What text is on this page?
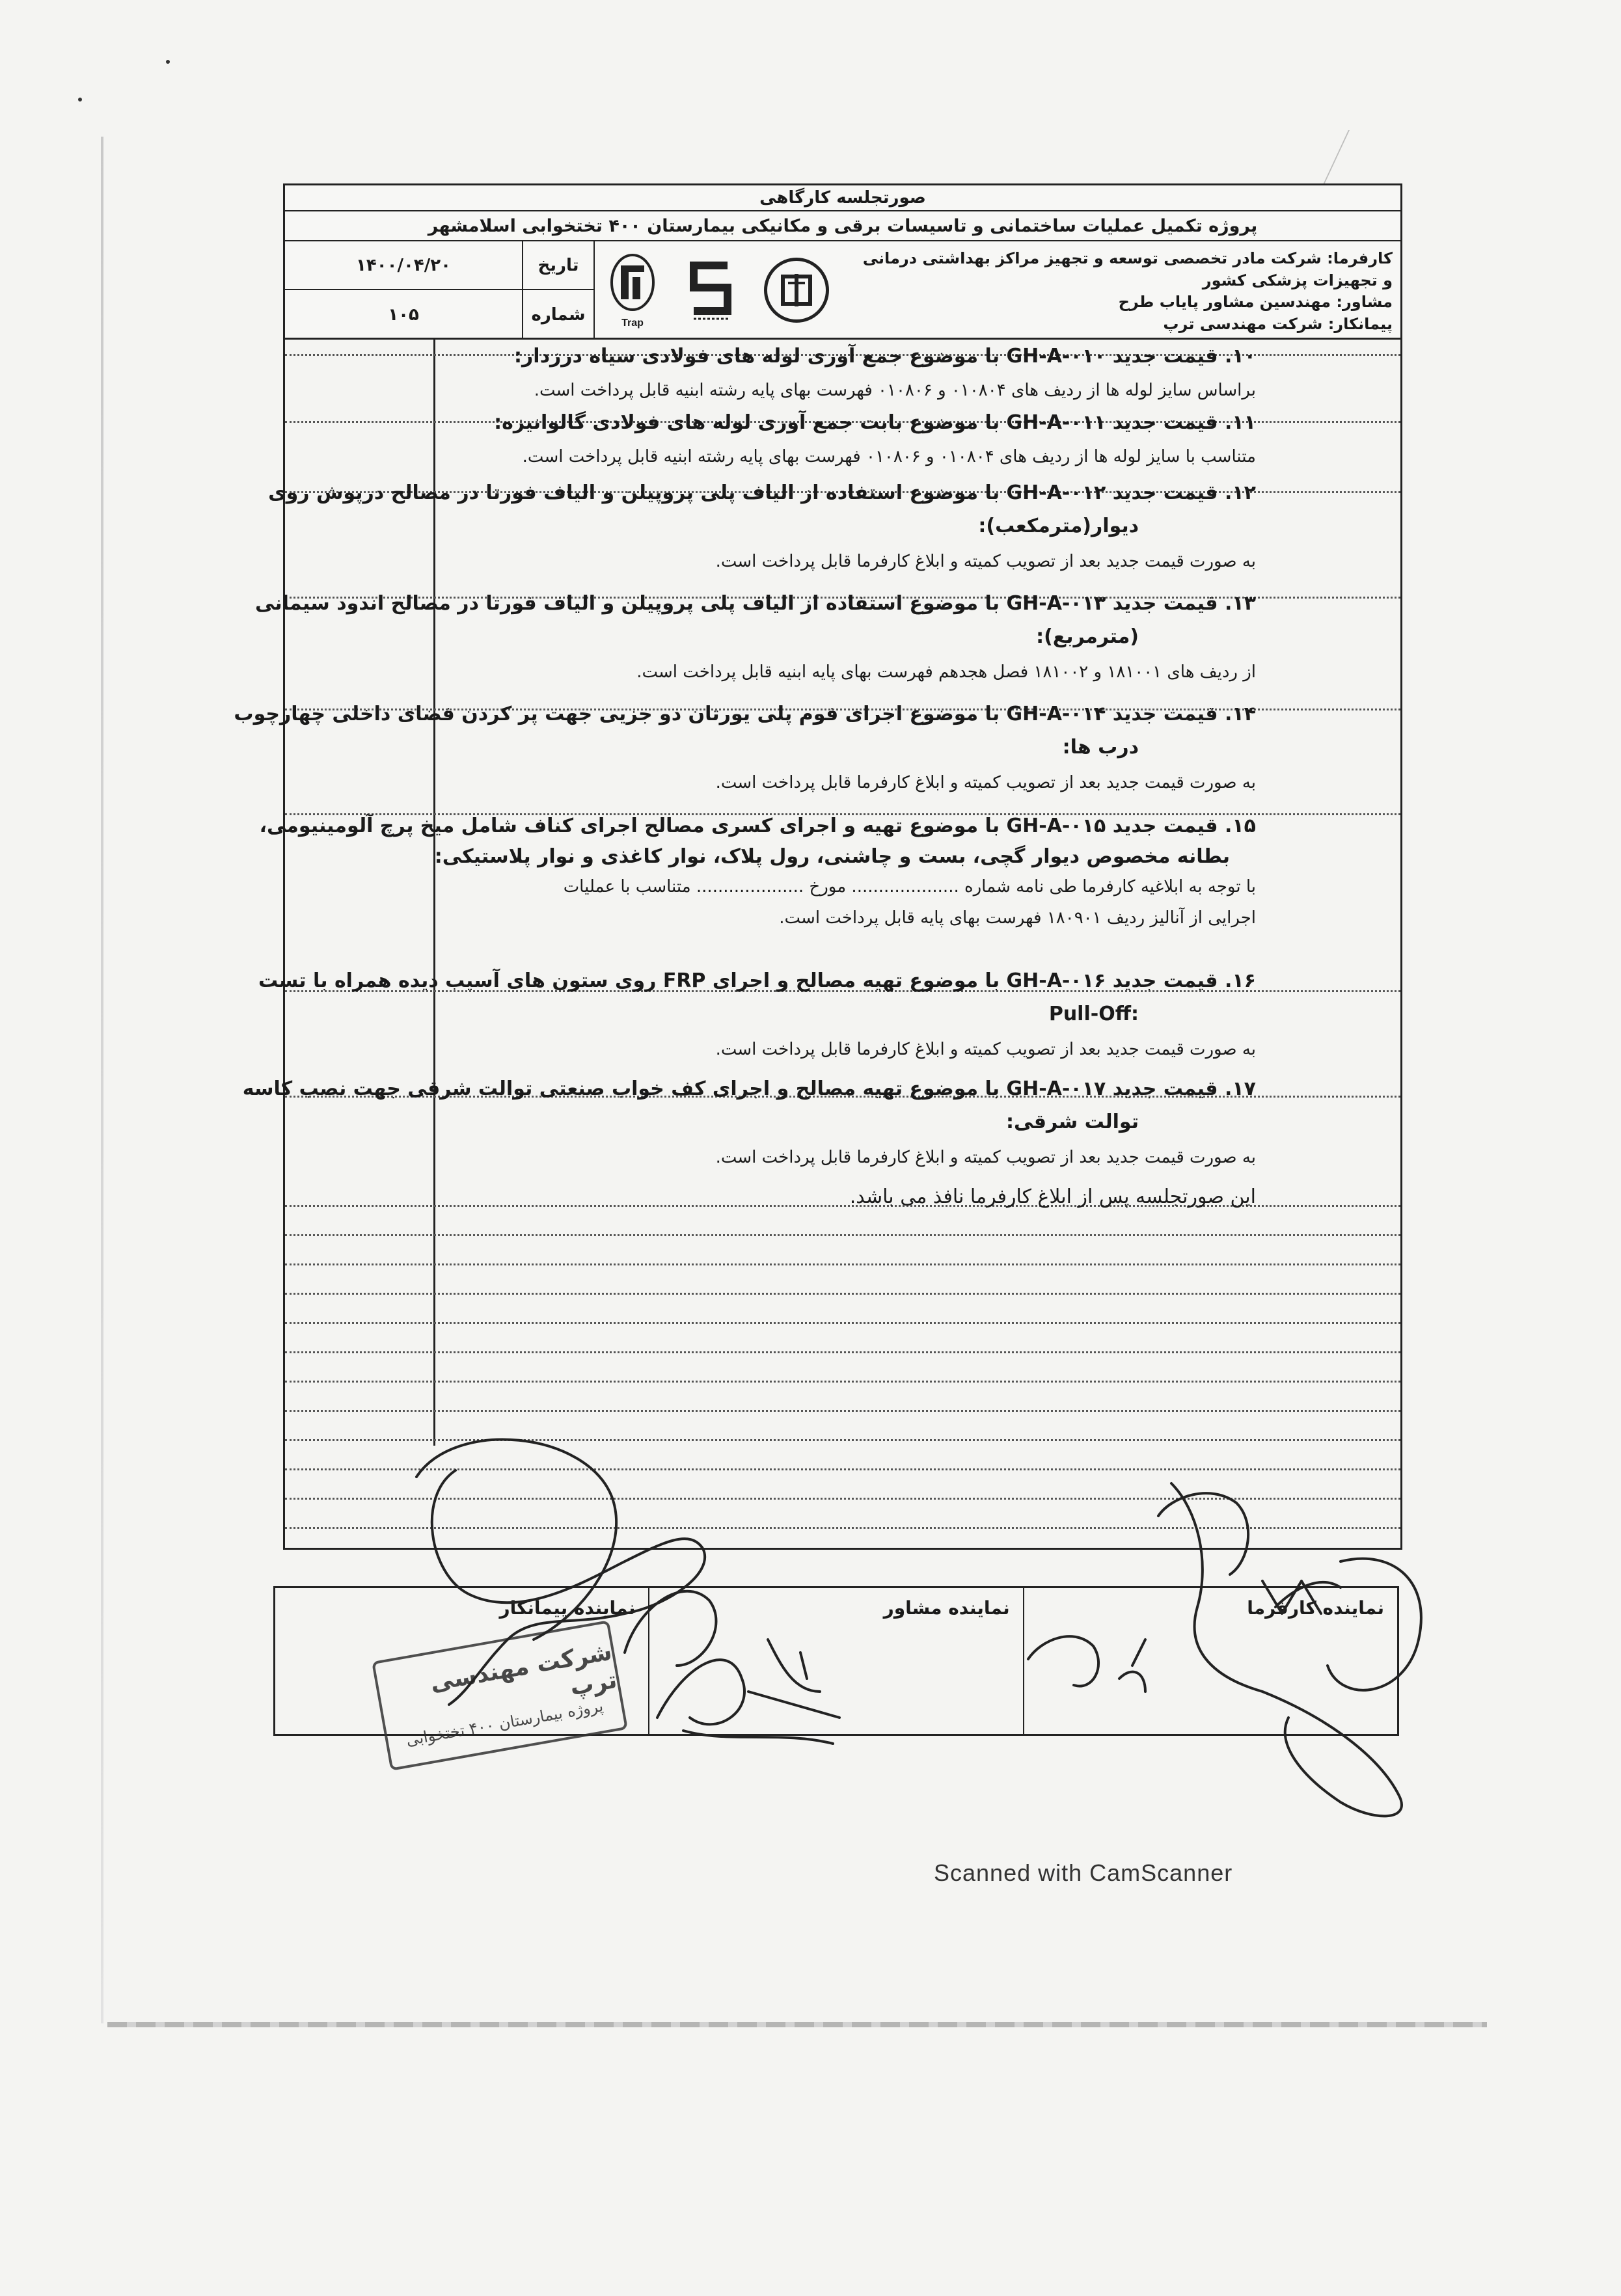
صورتجلسه کارگاهی
پروژه تکمیل عملیات ساختمانی و تاسیسات برقی و مکانیکی بیمارستان ۴۰۰ تختخوابی اسلامشهر
کارفرما: شرکت مادر تخصصی توسعه و تجهیز مراکز بهداشتی درمانی و تجهیزات پزشکی کشور
مشاور: مهندسین مشاور پایاب طرح
پیمانکار: شرکت مهندسی ترپ
Trap
تاریخ
۱۴۰۰/۰۴/۲۰
شماره
۱۰۵
۱۰. قیمت جدید GH-A-۰۱۰ با موضوع جمع آوری لوله های فولادی سیاه درزدار:
براساس سایز لوله ها از ردیف های ۰۱۰۸۰۴ و ۰۱۰۸۰۶ فهرست بهای پایه رشته ابنیه قابل پرداخت است.
۱۱. قیمت جدید GH-A-۰۱۱ با موضوع بابت جمع آوری لوله های فولادی گالوانیزه:
متناسب با سایز لوله ها از ردیف های ۰۱۰۸۰۴ و ۰۱۰۸۰۶ فهرست بهای پایه رشته ابنیه قابل پرداخت است.
۱۲. قیمت جدید GH-A-۰۱۲ با موضوع استفاده از الیاف پلی پروپیلن و الیاف فورتا در مصالح درپوش روی
دیوار(مترمکعب):
به صورت قیمت جدید بعد از تصویب کمیته و ابلاغ کارفرما قابل پرداخت است.
۱۳. قیمت جدید GH-A-۰۱۳ با موضوع استفاده از الیاف پلی پروپیلن و الیاف فورتا در مصالح اندود سیمانی
(مترمربع):
از ردیف های ۱۸۱۰۰۱ و ۱۸۱۰۰۲ فصل هجدهم فهرست بهای پایه ابنیه قابل پرداخت است.
۱۴. قیمت جدید GH-A-۰۱۴ با موضوع اجرای فوم پلی یورتان دو جزیی جهت پر کردن فضای داخلی چهارچوب
درب ها:
به صورت قیمت جدید بعد از تصویب کمیته و ابلاغ کارفرما قابل پرداخت است.
۱۵. قیمت جدید GH-A-۰۱۵ با موضوع تهیه و اجرای کسری مصالح اجرای کناف شامل میخ پرچ آلومینیومی،
بطانه مخصوص دیوار گچی، بست و چاشنی، رول پلاک، نوار کاغذی و نوار پلاستیکی:
با توجه به ابلاغیه کارفرما طی نامه شماره .................... مورخ .................... متناسب با عملیات
اجرایی از آنالیز ردیف ۱۸۰۹۰۱ فهرست بهای پایه قابل پرداخت است.
۱۶. قیمت جدید GH-A-۰۱۶ با موضوع تهیه مصالح و اجرای FRP روی ستون های آسیب دیده همراه با تست
Pull-Off:
به صورت قیمت جدید بعد از تصویب کمیته و ابلاغ کارفرما قابل پرداخت است.
۱۷. قیمت جدید GH-A-۰۱۷ با موضوع تهیه مصالح و اجرای کف خواب صنعتی توالت شرقی جهت نصب کاسه
توالت شرقی:
به صورت قیمت جدید بعد از تصویب کمیته و ابلاغ کارفرما قابل پرداخت است.
این صورتجلسه پس از ابلاغ کارفرما نافذ می باشد.
نماینده کارفرما
نماینده مشاور
نماینده پیمانکار
شرکت مهندسی ترپ
پروژه بیمارستان ۴۰۰ تختخوابی
Scanned with CamScanner
